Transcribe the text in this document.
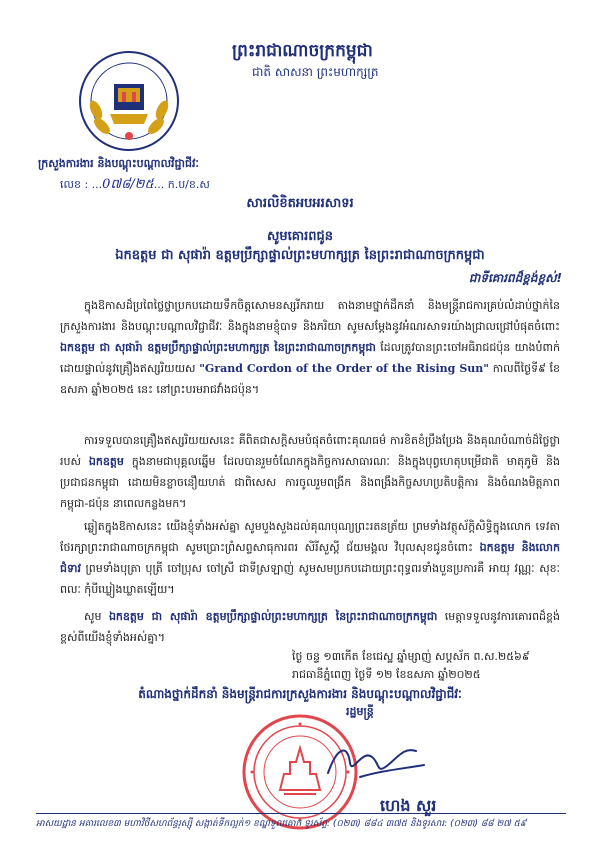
ព្រះរាជាណាចក្រកម្ពុជា
ជាតិ សាសនា ព្រះមហាក្សត្រ
ក្រសួងការងារ និងបណ្តុះបណ្តាលវិជ្ជាជីវៈ
លេខ : ...0៧៨/២៥... ក.ប/ខ.ស
សារលិខិតអបអរសាទរ
សូមគោរពជូន
ឯកឧត្តម ជា សុផារ៉ា ឧត្តមប្រឹក្សាផ្ទាល់ព្រះមហាក្សត្រ នៃព្រះរាជាណាចក្រកម្ពុជា
ជាទីគោរពដ៏ខ្ពង់ខ្ពស់!
ក្នុងឱកាសដ៏ប្រពៃថ្លៃថ្លាប្រកបដោយទឹកចិត្តសោមនស្សរីករាយ តាងនាមថ្នាក់ដឹកនាំ និងមន្ត្រីរាជការគ្រប់លំដាប់ថ្នាក់នៃក្រសួងការងារ និងបណ្តុះបណ្តាលវិជ្ជាជីវៈ និងក្នុងនាមខ្ញុំបាទ និងភរិយា សូមសម្តែងនូវអំណរសាទរយ៉ាងជ្រាលជ្រៅបំផុតចំពោះ ឯកឧត្តម ជា សុផារ៉ា ឧត្តមប្រឹក្សាផ្ទាល់ព្រះមហាក្សត្រ នៃព្រះរាជាណាចក្រកម្ពុជា ដែលត្រូវបានព្រះចៅអធិរាជជប៉ុន យាងបំពាក់ដោយផ្ទាល់នូវគ្រឿងឥស្សរិយយស "Grand Cordon of the Order of the Rising Sun" កាលពីថ្ងៃទី៩ ខែឧសភា ឆ្នាំ២០២៥ នេះ នៅព្រះបរមរាជវាំងជប៉ុន។
ការទទួលបានគ្រឿងឥស្សរិយយសនេះ គឺពិតជាសក្តិសមបំផុតចំពោះគុណធម៌ ការខិតខំប្រឹងប្រែង និងគុណបំណាច់ដ៏ថ្លៃថ្លារបស់ ឯកឧត្តម ក្នុងនាមជាបុគ្គលឆ្នើម ដែលបានរួមចំណែកក្នុងកិច្ចការសាធារណៈ និងក្នុងបុព្វហេតុបម្រើជាតិ មាតុភូមិ និងប្រជាជនកម្ពុជា ដោយមិនខ្លាចនឿយហត់ ជាពិសេស ការចូលរួមពង្រីក និងពង្រឹងកិច្ចសហប្រតិបត្តិការ និងចំណងមិត្តភាពកម្ពុជា-ជប៉ុន នាពេលកន្លងមក។
ឆ្លៀតក្នុងឱកាសនេះ យើងខ្ញុំទាំងអស់គ្នា សូមបួងសួងដល់គុណបុណ្យព្រះរតនត្រ័យ ព្រមទាំងវត្ថុស័ក្តិសិទ្ធិក្នុងលោក ទេវតាថែរក្សាព្រះរាជាណាចក្រកម្ពុជា សូមប្រោះព្រំសព្ទសាធុការពរ សិរីសួស្តី ជ័យមង្គល វិបុលសុខជូនចំពោះ ឯកឧត្តម និងលោកជំទាវ ព្រមទាំងបុត្រា បុត្រី ចៅប្រុស ចៅស្រី ជាទីស្រឡាញ់ សូមសមប្រកបដោយព្រះពុទ្ធពរទាំងបួនប្រការគឺ អាយុ វណ្ណៈ សុខៈ ពលៈ កុំបីឃ្លៀងឃ្លាតឡើយ។
សូម ឯកឧត្តម ជា សុផារ៉ា ឧត្តមប្រឹក្សាផ្ទាល់ព្រះមហាក្សត្រ នៃព្រះរាជាណាចក្រកម្ពុជា មេត្តាទទួលនូវការគោរពដ៏ខ្ពង់ខ្ពស់ពីយើងខ្ញុំទាំងអស់គ្នា។
ថ្ងៃ ចន្ទ ១៣កើត ខែជេស្ឋ ឆ្នាំម្សាញ់ សប្តស័ក ព.ស.២៥៦៩
រាជធានីភ្នំពេញ ថ្ងៃទី ១២ ខែឧសភា ឆ្នាំ២០២៥
តំណាងថ្នាក់ដឹកនាំ និងមន្ត្រីរាជការក្រសួងការងារ និងបណ្តុះបណ្តាលវិជ្ជាជីវៈ
រដ្ឋមន្ត្រី
ហេង សួរ
អាសយដ្ឋាន អគារលេខ៣ មហាវិថីសហព័ន្ធរុស្ស៊ី សង្កាត់ទឹកល្អក់១ ខណ្ឌទួលគោក ទូរស័ព្ទ: (០២៣) ៨៨៤ ៣៧៥ និងទូរសារ: (០២៣) ៨៨ ២៧ ៥៩
